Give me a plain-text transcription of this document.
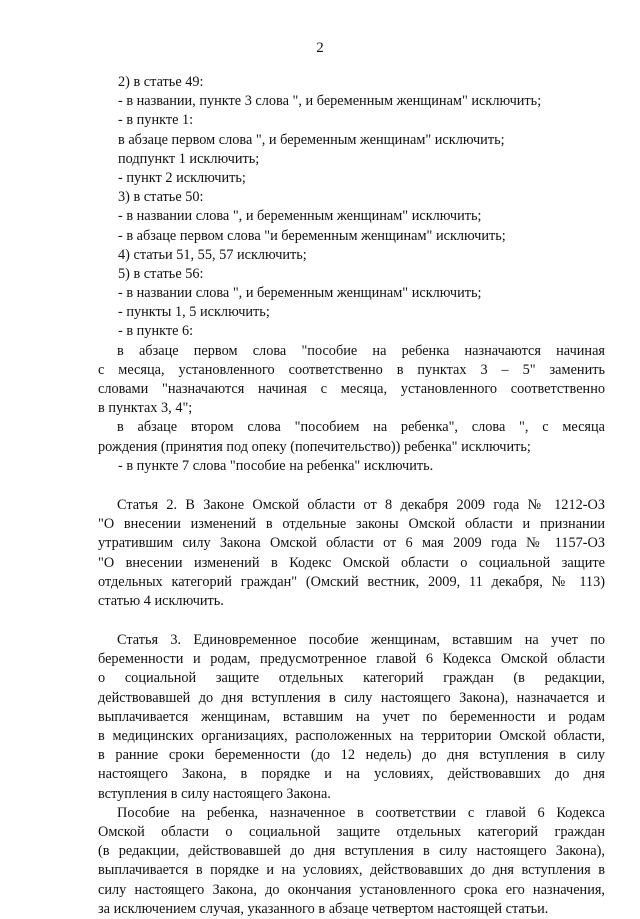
2
2) в статье 49:
- в названии, пункте 3 слова ", и беременным женщинам" исключить;
- в пункте 1:
в абзаце первом слова ", и беременным женщинам" исключить;
подпункт 1 исключить;
- пункт 2 исключить;
3) в статье 50:
- в названии слова ", и беременным женщинам" исключить;
- в абзаце первом слова "и беременным женщинам" исключить;
4) статьи 51, 55, 57 исключить;
5) в статье 56:
- в названии слова ", и беременным женщинам" исключить;
- пункты 1, 5 исключить;
- в пункте 6:
в абзаце первом слова "пособие на ребенка назначаются начиная
с месяца, установленного соответственно в пунктах 3 – 5" заменить
словами "назначаются начиная с месяца, установленного соответственно
в пунктах 3, 4";
в абзаце втором слова "пособием на ребенка", слова ", с месяца
рождения (принятия под опеку (попечительство)) ребенка" исключить;
- в пункте 7 слова "пособие на ребенка" исключить.
Статья 2. В Законе Омской области от 8 декабря 2009 года № 1212-ОЗ
"О внесении изменений в отдельные законы Омской области и признании
утратившим силу Закона Омской области от 6 мая 2009 года № 1157-ОЗ
"О внесении изменений в Кодекс Омской области о социальной защите
отдельных категорий граждан" (Омский вестник, 2009, 11 декабря, № 113)
статью 4 исключить.
Статья 3. Единовременное пособие женщинам, вставшим на учет по
беременности и родам, предусмотренное главой 6 Кодекса Омской области
о социальной защите отдельных категорий граждан (в редакции,
действовавшей до дня вступления в силу настоящего Закона), назначается и
выплачивается женщинам, вставшим на учет по беременности и родам
в медицинских организациях, расположенных на территории Омской области,
в ранние сроки беременности (до 12 недель) до дня вступления в силу
настоящего Закона, в порядке и на условиях, действовавших до дня
вступления в силу настоящего Закона.
Пособие на ребенка, назначенное в соответствии с главой 6 Кодекса
Омской области о социальной защите отдельных категорий граждан
(в редакции, действовавшей до дня вступления в силу настоящего Закона),
выплачивается в порядке и на условиях, действовавших до дня вступления в
силу настоящего Закона, до окончания установленного срока его назначения,
за исключением случая, указанного в абзаце четвертом настоящей статьи.
